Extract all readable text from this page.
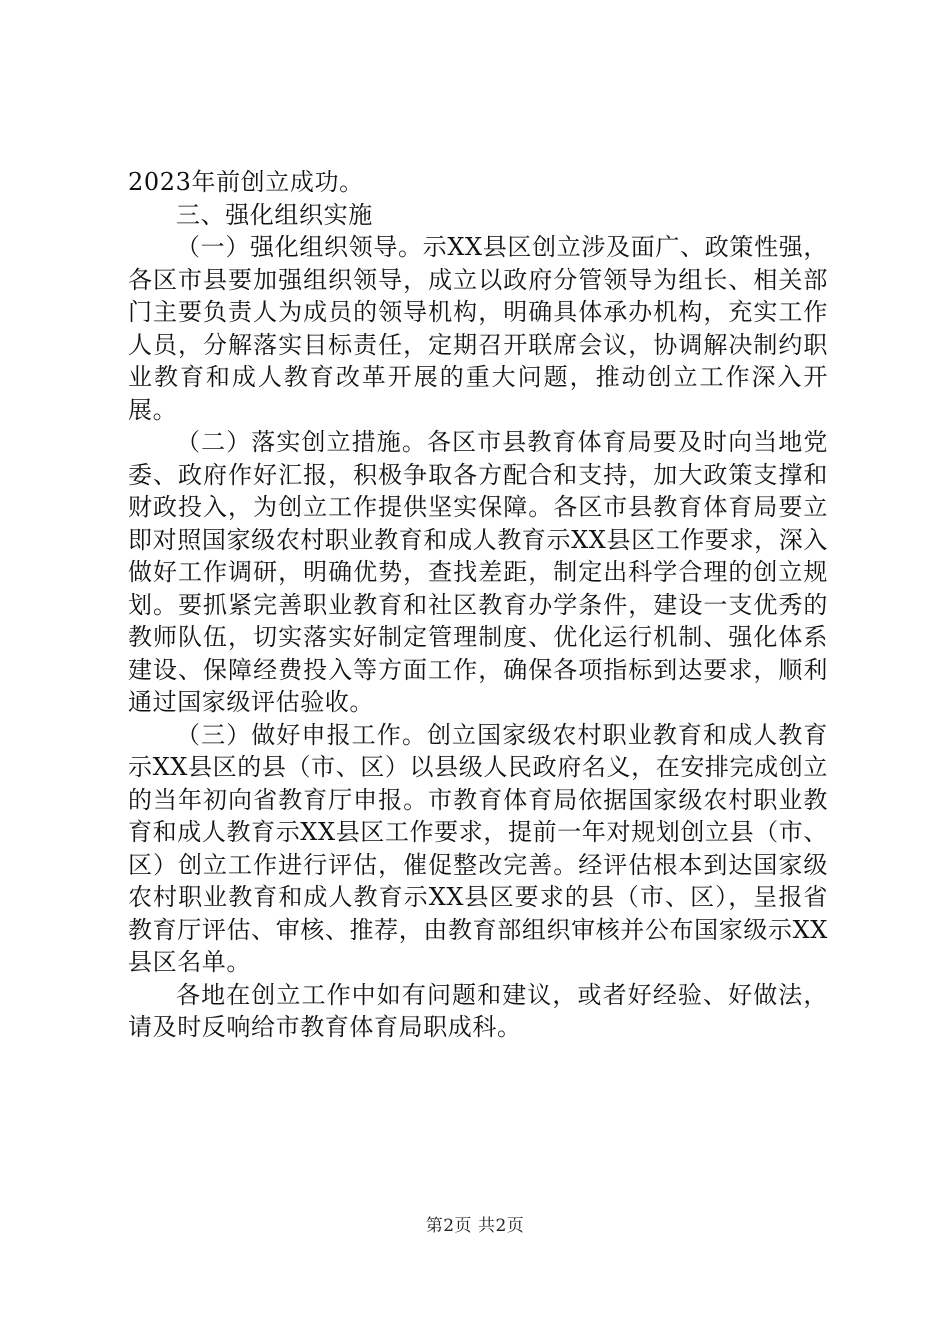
2023年前创立成功。

三、强化组织实施

（一）强化组织领导。示XX县区创立涉及面广、政策性强，各区市县要加强组织领导，成立以政府分管领导为组长、相关部门主要负责人为成员的领导机构，明确具体承办机构，充实工作人员，分解落实目标责任，定期召开联席会议，协调解决制约职业教育和成人教育改革开展的重大问题，推动创立工作深入开展。

（二）落实创立措施。各区市县教育体育局要及时向当地党委、政府作好汇报，积极争取各方配合和支持，加大政策支撑和财政投入，为创立工作提供坚实保障。各区市县教育体育局要立即对照国家级农村职业教育和成人教育示XX县区工作要求，深入做好工作调研，明确优势，查找差距，制定出科学合理的创立规划。要抓紧完善职业教育和社区教育办学条件，建设一支优秀的教师队伍，切实落实好制定管理制度、优化运行机制、强化体系建设、保障经费投入等方面工作，确保各项指标到达要求，顺利通过国家级评估验收。

（三）做好申报工作。创立国家级农村职业教育和成人教育示XX县区的县（市、区）以县级人民政府名义，在安排完成创立的当年初向省教育厅申报。市教育体育局依据国家级农村职业教育和成人教育示XX县区工作要求，提前一年对规划创立县（市、区）创立工作进行评估，催促整改完善。经评估根本到达国家级农村职业教育和成人教育示XX县区要求的县（市、区），呈报省教育厅评估、审核、推荐，由教育部组织审核并公布国家级示XX县区名单。

各地在创立工作中如有问题和建议，或者好经验、好做法，请及时反响给市教育体育局职成科。

第2页 共2页
